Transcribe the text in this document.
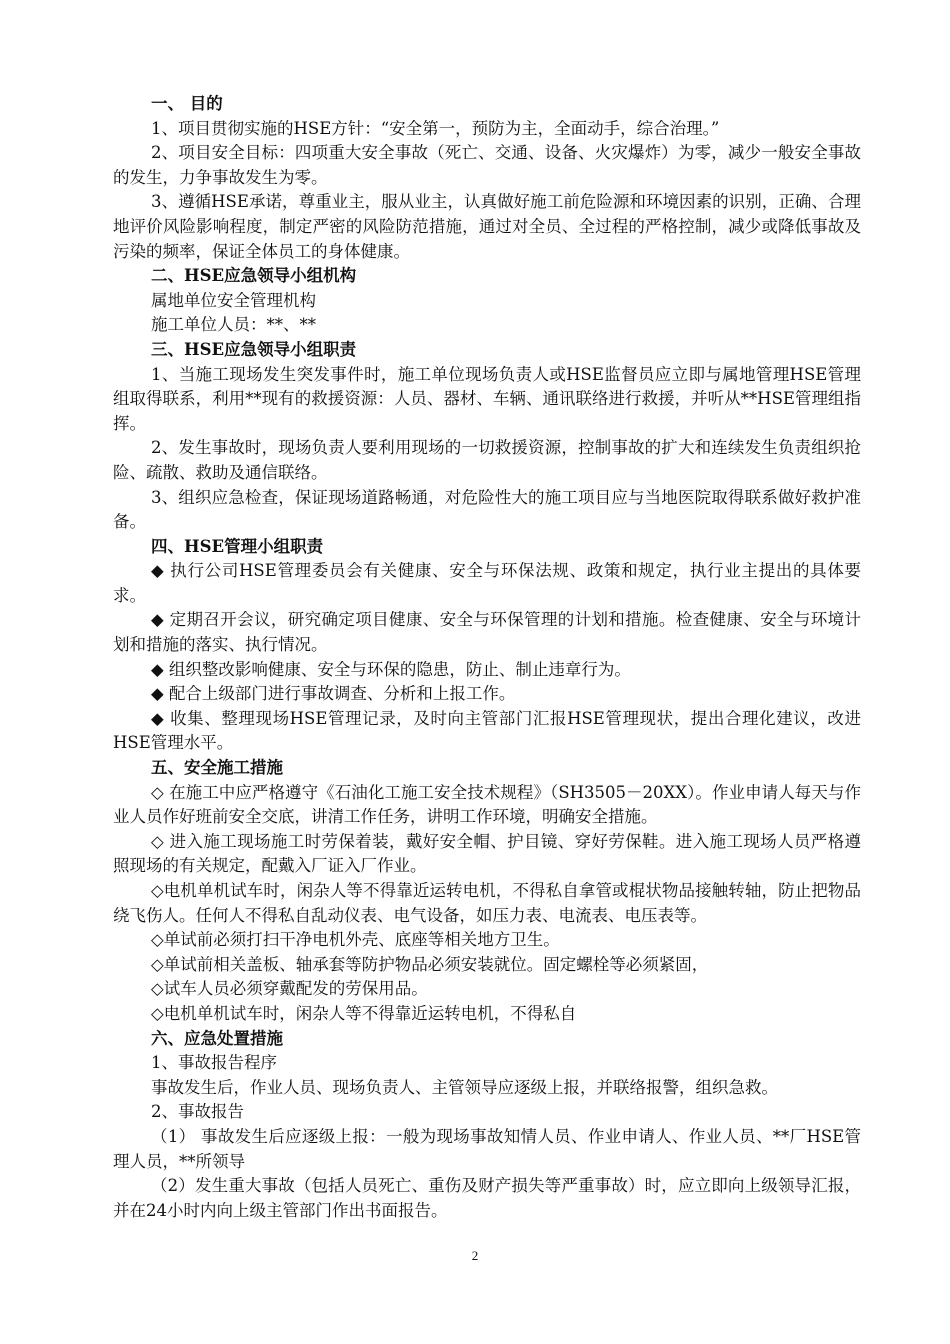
一、 目的

1、项目贯彻实施的HSE方针：“安全第一，预防为主，全面动手，综合治理。”

2、项目安全目标：四项重大安全事故（死亡、交通、设备、火灾爆炸）为零，减少一般安全事故的发生，力争事故发生为零。

3、遵循HSE承诺，尊重业主，服从业主，认真做好施工前危险源和环境因素的识别，正确、合理地评价风险影响程度，制定严密的风险防范措施，通过对全员、全过程的严格控制，减少或降低事故及污染的频率，保证全体员工的身体健康。

二、HSE应急领导小组机构

属地单位安全管理机构

施工单位人员：**、**

三、HSE应急领导小组职责

1、当施工现场发生突发事件时，施工单位现场负责人或HSE监督员应立即与属地管理HSE管理组取得联系，利用**现有的救援资源：人员、器材、车辆、通讯联络进行救援，并听从**HSE管理组指挥。

2、发生事故时，现场负责人要利用现场的一切救援资源，控制事故的扩大和连续发生负责组织抢险、疏散、救助及通信联络。

3、组织应急检查，保证现场道路畅通，对危险性大的施工项目应与当地医院取得联系做好救护准备。

四、HSE管理小组职责

◆ 执行公司HSE管理委员会有关健康、安全与环保法规、政策和规定，执行业主提出的具体要求。

◆ 定期召开会议，研究确定项目健康、安全与环保管理的计划和措施。检查健康、安全与环境计划和措施的落实、执行情况。

◆ 组织整改影响健康、安全与环保的隐患，防止、制止违章行为。

◆ 配合上级部门进行事故调查、分析和上报工作。

◆ 收集、整理现场HSE管理记录，及时向主管部门汇报HSE管理现状，提出合理化建议，改进HSE管理水平。

五、安全施工措施

◇ 在施工中应严格遵守《石油化工施工安全技术规程》（SH3505－20XX）。作业申请人每天与作业人员作好班前安全交底，讲清工作任务，讲明工作环境，明确安全措施。

◇ 进入施工现场施工时劳保着装，戴好安全帽、护目镜、穿好劳保鞋。进入施工现场人员严格遵照现场的有关规定，配戴入厂证入厂作业。

◇电机单机试车时，闲杂人等不得靠近运转电机，不得私自拿管或棍状物品接触转轴，防止把物品绕飞伤人。任何人不得私自乱动仪表、电气设备，如压力表、电流表、电压表等。

◇单试前必须打扫干净电机外壳、底座等相关地方卫生。

◇单试前相关盖板、轴承套等防护物品必须安装就位。固定螺栓等必须紧固，

◇试车人员必须穿戴配发的劳保用品。

◇电机单机试车时，闲杂人等不得靠近运转电机，不得私自

六、应急处置措施

1、事故报告程序

事故发生后，作业人员、现场负责人、主管领导应逐级上报，并联络报警，组织急救。

2、事故报告

（1） 事故发生后应逐级上报：一般为现场事故知情人员、作业申请人、作业人员、**厂HSE管理人员，**所领导

（2）发生重大事故（包括人员死亡、重伤及财产损失等严重事故）时，应立即向上级领导汇报，并在24小时内向上级主管部门作出书面报告。

2
